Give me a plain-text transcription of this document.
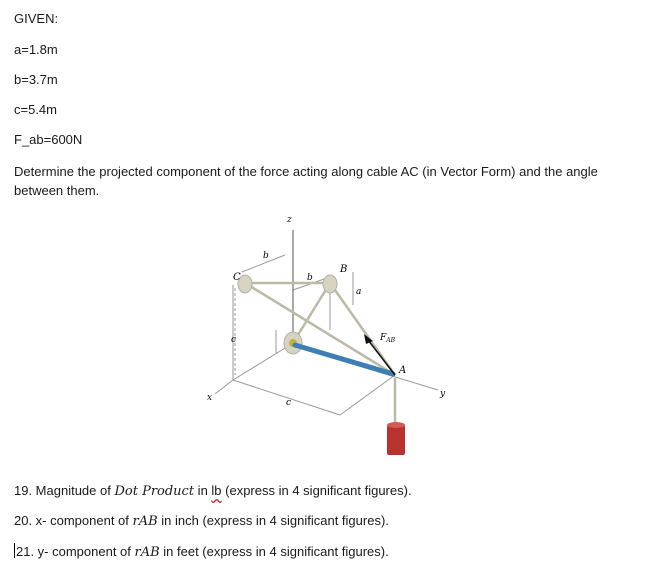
GIVEN:
a=1.8m
b=3.7m
c=5.4m
F_ab=600N
Determine the projected component of the force acting along cable AC (in Vector Form) and the angle between them.
z
x	y
b
b
a
c
c
C
B
A
$F_{AB}$
19. Magnitude of Dot Product in lb (express in 4 significant figures).
20. x- component of rAB in inch (express in 4 significant figures).
21. y- component of rAB in feet (express in 4 significant figures).
